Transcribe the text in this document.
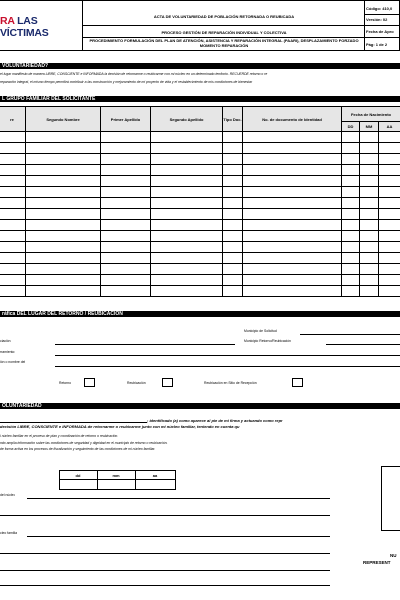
RA LAS VÍCTIMAS
ACTA DE VOLUNTARIEDAD DE POBLACIÓN RETORNADA O REUBICADA
PROCESO GESTIÓN DE REPARACIÓN INDIVIDUAL Y COLECTIVA
PROCEDIMIENTO FORMULACIÓN DEL PLAN DE ATENCIÓN, ASISTENCIA Y REPARACIÓN INTEGRAL (PAARI), DESPLAZAMIENTO FORZADO MOMENTO REPARACIÓN
Código: 410,0
Versión: 02
Fecha de Apro
Pág: 1 de 2
VOLUNTARIEDAD?
el lugar manifiesto de manera LIBRE, CONSCIENTE e INFORMADA la decisión de retornarme o reubicarme con mi núcleo en un determinado territorio. RECUERDE retorno o re
reparación integral, el mismo tiempo permitirá contribuir a las construcción y mejoramiento de mi proyecto de vida y el restablecimiento de mis condiciones de bienestar
L GRUPO FAMILIAR DEL SOLICITANTE
re	Segundo Nombre	Primer Apellido	Segundo Apellido	Tipo Doc.	No. de documento de Identidad	Fecha de Nacimiento		
						DD	MM	AA

ráfica DEL LUGAR DEL RETORNO / REUBICACIÓN
Municipio de Solicitud
Municipio Retorno/Reubicación
ciación
rramiento:
ión o nombre del
Retorno	Reubicación	Reubicación en Sitio de Recepción
OLUNTARIEDAD
; identificado (a) como aparece al pie de mi firma y actuando como repr
decisión LIBRE, CONSCIENTE e INFORMADA de retornarme o reubicarme junto con mi núcleo familiar, teniendo en cuenta qu
i núcleo familiar en el proceso de plan y coordinación de retorno o reubicación.
ndo amplia información sobre las condiciones de seguridad y dignidad en el municipio de retorno o reubicación.
de forma activa en los procesos de fiscalización y seguimiento de las condiciones de mi núcleo familiar.
	dd	mm	aa

del núcleo
cleo familia
NU
REPRESENT
